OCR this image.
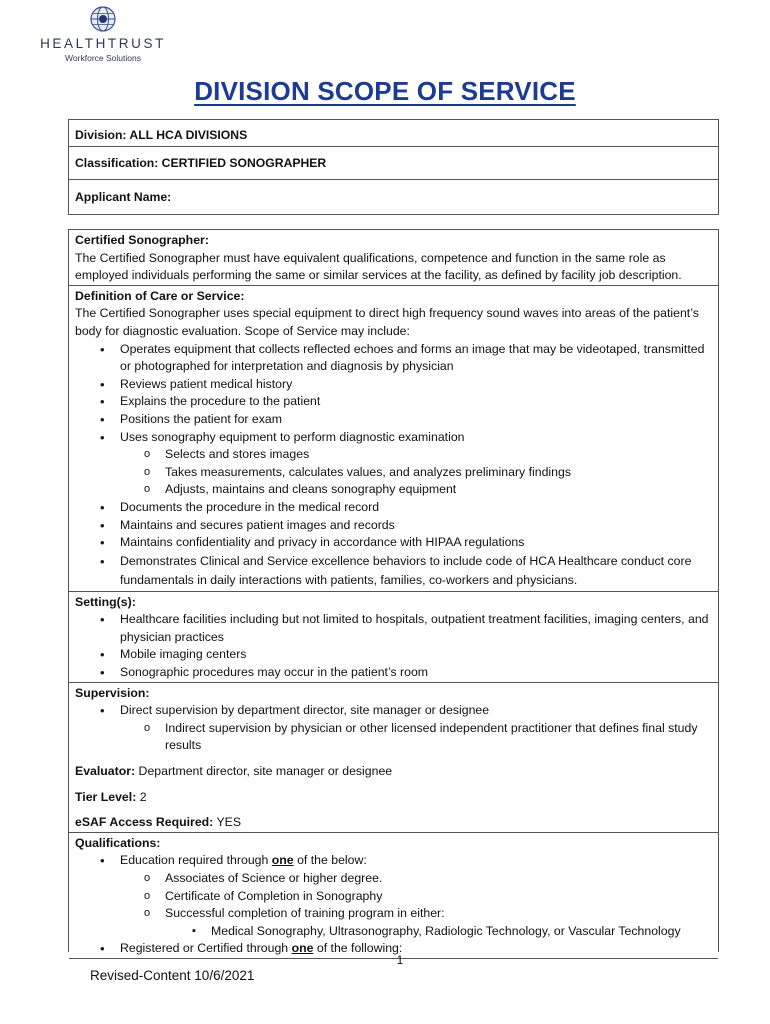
HEALTHTRUST
Workforce Solutions
DIVISION SCOPE OF SERVICE
Division: ALL HCA DIVISIONS
Classification: CERTIFIED SONOGRAPHER
Applicant Name:
Certified Sonographer:
The Certified Sonographer must have equivalent qualifications, competence and function in the same role as employed individuals performing the same or similar services at the facility, as defined by facility job description.
Definition of Care or Service:
The Certified Sonographer uses special equipment to direct high frequency sound waves into areas of the patient’s body for diagnostic evaluation. Scope of Service may include:
• Operates equipment that collects reflected echoes and forms an image that may be videotaped, transmitted or photographed for interpretation and diagnosis by physician
• Reviews patient medical history
• Explains the procedure to the patient
• Positions the patient for exam
• Uses sonography equipment to perform diagnostic examination
o Selects and stores images
o Takes measurements, calculates values, and analyzes preliminary findings
o Adjusts, maintains and cleans sonography equipment
• Documents the procedure in the medical record
• Maintains and secures patient images and records
• Maintains confidentiality and privacy in accordance with HIPAA regulations
• Demonstrates Clinical and Service excellence behaviors to include code of HCA Healthcare conduct core fundamentals in daily interactions with patients, families, co-workers and physicians.
Setting(s):
• Healthcare facilities including but not limited to hospitals, outpatient treatment facilities, imaging centers, and physician practices
• Mobile imaging centers
• Sonographic procedures may occur in the patient’s room
Supervision:
• Direct supervision by department director, site manager or designee
o Indirect supervision by physician or other licensed independent practitioner that defines final study results
Evaluator: Department director, site manager or designee
Tier Level: 2
eSAF Access Required: YES
Qualifications:
• Education required through one of the below:
o Associates of Science or higher degree.
o Certificate of Completion in Sonography
o Successful completion of training program in either:
▪ Medical Sonography, Ultrasonography, Radiologic Technology, or Vascular Technology
• Registered or Certified through one of the following:
1
Revised-Content 10/6/2021
